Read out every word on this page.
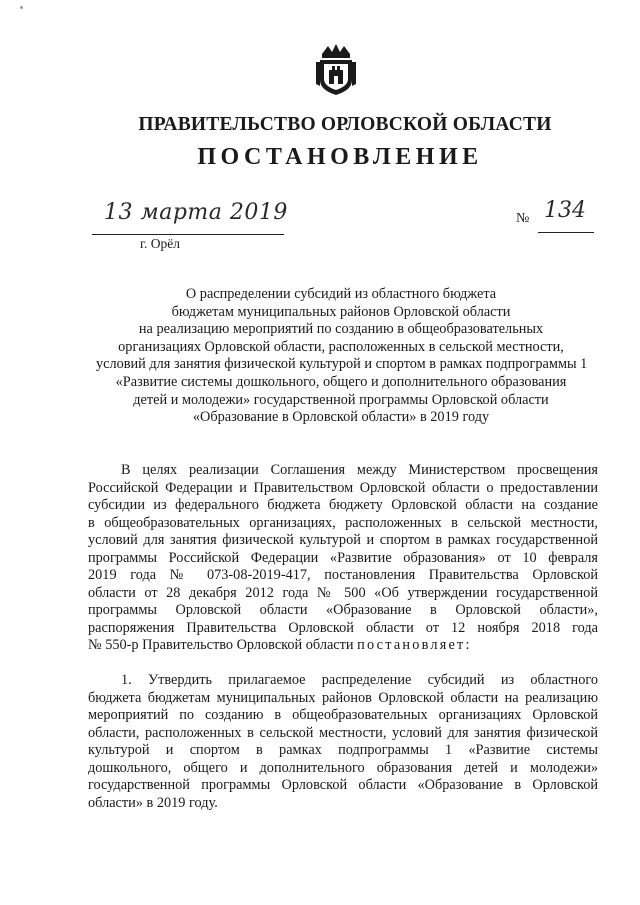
ПРАВИТЕЛЬСТВО ОРЛОВСКОЙ ОБЛАСТИ
ПОСТАНОВЛЕНИЕ
13 марта 2019
г. Орёл
№ 134
О распределении субсидий из областного бюджета
бюджетам муниципальных районов Орловской области
на реализацию мероприятий по созданию в общеобразовательных
организациях Орловской области, расположенных в сельской местности,
условий для занятия физической культурой и спортом в рамках подпрограммы 1
«Развитие системы дошкольного, общего и дополнительного образования
детей и молодежи» государственной программы Орловской области
«Образование в Орловской области» в 2019 году
В целях реализации Соглашения между Министерством просвещения
Российской Федерации и Правительством Орловской области о предоставлении
субсидии из федерального бюджета бюджету Орловской области на создание
в общеобразовательных организациях, расположенных в сельской местности,
условий для занятия физической культурой и спортом в рамках государственной
программы Российской Федерации «Развитие образования» от 10 февраля
2019 года № 073-08-2019-417, постановления Правительства Орловской
области от 28 декабря 2012 года № 500 «Об утверждении государственной
программы Орловской области «Образование в Орловской области»,
распоряжения Правительства Орловской области от 12 ноября 2018 года
№ 550-р Правительство Орловской области постановляет:
1. Утвердить прилагаемое распределение субсидий из областного
бюджета бюджетам муниципальных районов Орловской области на реализацию
мероприятий по созданию в общеобразовательных организациях Орловской
области, расположенных в сельской местности, условий для занятия физической
культурой и спортом в рамках подпрограммы 1 «Развитие системы
дошкольного, общего и дополнительного образования детей и молодежи»
государственной программы Орловской области «Образование в Орловской
области» в 2019 году.
